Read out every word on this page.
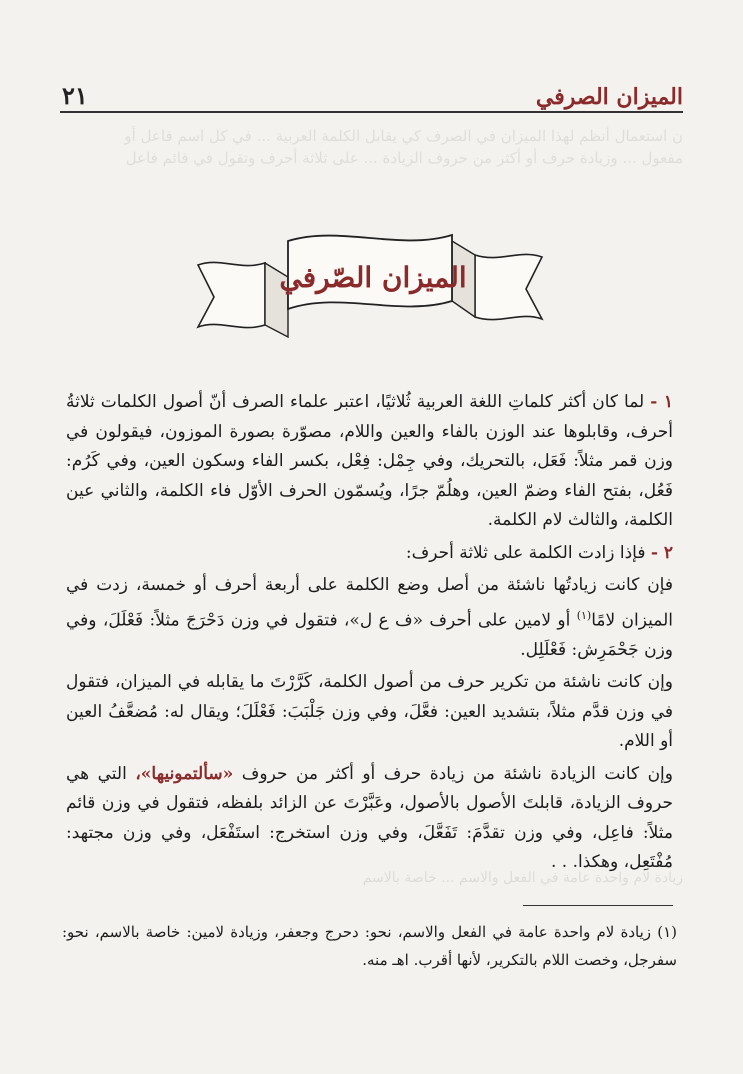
٢١	الميزان الصرفي
ن استعمال أنظم لهذا الميزان في الصرف كي يقابل الكلمة العربية ... في كل اسم فاعل أو مفعول ... وزيادة حرف أو أكثر من حروف الزيادة ... على ثلاثة أحرف وتقول في قائم فاعل
الميزان الصّرفي

١ - لما كان أكثر كلماتِ اللغة العربية ثُلاثيًا، اعتبر علماء الصرف أنّ أصول الكلمات ثلاثةُ أحرف، وقابلوها عند الوزن بالفاء والعين واللام، مصوّرة بصورة الموزون، فيقولون في وزن قمر مثلاً: فَعَل، بالتحريك، وفي جِمْل: فِعْل، بكسر الفاء وسكون العين، وفي كَرُم: فَعُل، بفتح الفاء وضمّ العين، وهلُمّ جرًا، ويُسمّون الحرف الأوّل فاء الكلمة، والثاني عين الكلمة، والثالث لام الكلمة.

٢ - فإذا زادت الكلمة على ثلاثة أحرف:

فإن كانت زيادتُها ناشئة من أصل وضع الكلمة على أربعة أحرف أو خمسة، زدت في الميزان لامًا$^{(١)}$ أو لامين على أحرف «ف ع ل»، فتقول في وزن دَحْرَجَ مثلاً: فَعْلَلَ، وفي وزن جَحْمَرِش: فَعْلَلِل.

وإن كانت ناشئة من تكرير حرف من أصول الكلمة، كَرَّرْتَ ما يقابله في الميزان، فتقول في وزن قدَّم مثلاً، بتشديد العين: فعَّلَ، وفي وزن جَلْبَبَ: فَعْلَلَ؛ ويقال له: مُضعَّفُ العين أو اللام.

وإن كانت الزيادة ناشئة من زيادة حرف أو أكثر من حروف «سألتمونيها»، التي هي حروف الزيادة، قابلتَ الأصول بالأصول، وعَبَّرْتَ عن الزائد بلفظه، فتقول في وزن قائم مثلاً: فاعِل، وفي وزن تقدَّمَ: تَفَعَّلَ، وفي وزن استخرج: استَفْعَل، وفي وزن مجتهد: مُفْتَعِل، وهكذا. . .

زيادة لام واحدة عامة في الفعل والاسم ... خاصة بالاسم
(١) زيادة لام واحدة عامة في الفعل والاسم، نحو: دحرج وجعفر، وزيادة لامين: خاصة بالاسم، نحو: سفرجل، وخصت اللام بالتكرير، لأنها أقرب. اهـ منه.
